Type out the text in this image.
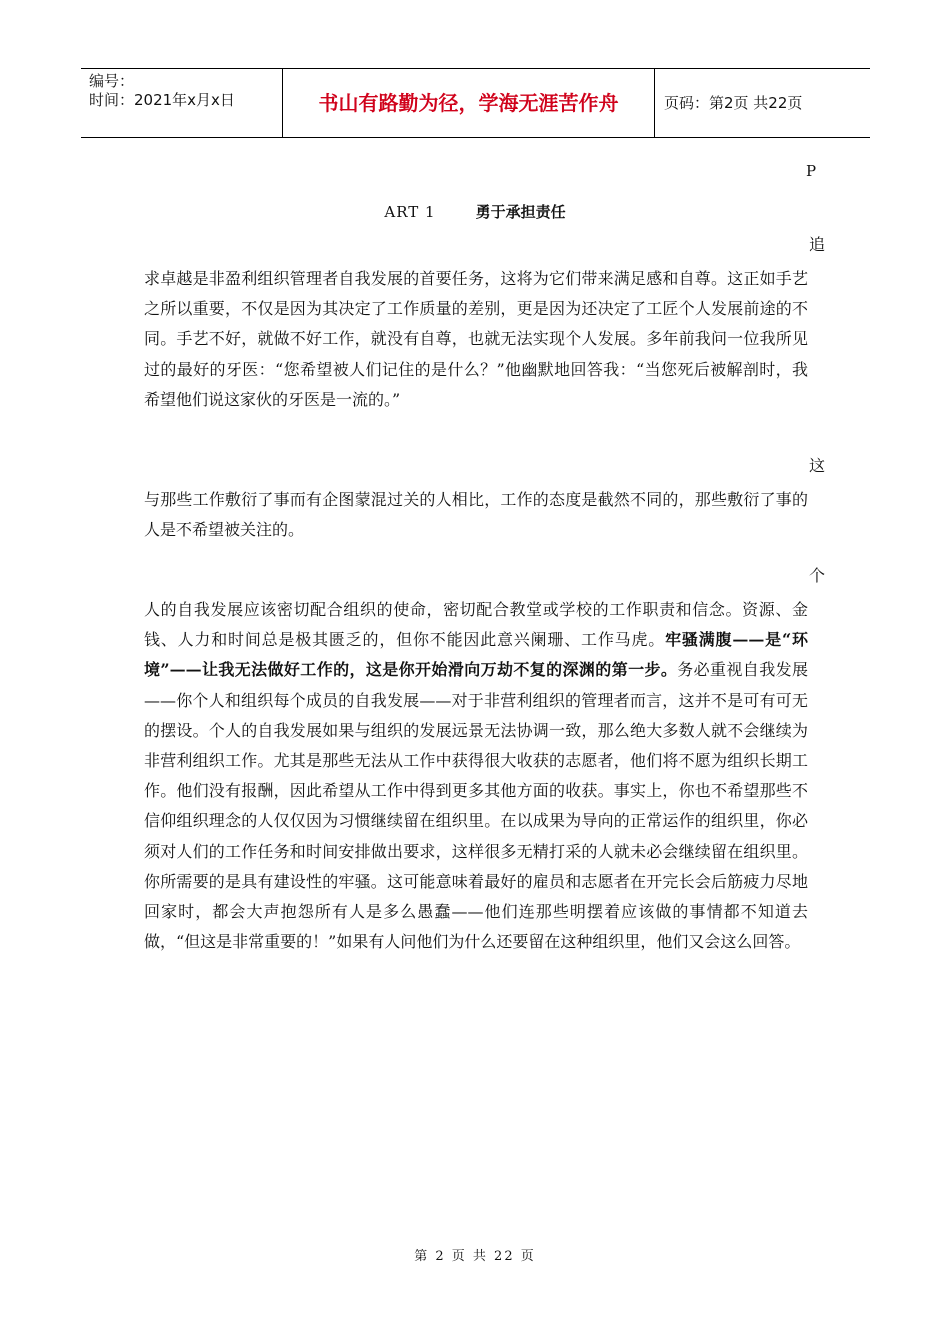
编号：
时间：2021年x月x日	书山有路勤为径，学海无涯苦作舟	页码：第2页 共22页
P
ART 1	勇于承担责任
追
求卓越是非盈利组织管理者自我发展的首要任务，这将为它们带来满足感和自尊。这正如手艺之所以重要，不仅是因为其决定了工作质量的差别，更是因为还决定了工匠个人发展前途的不同。手艺不好，就做不好工作，就没有自尊，也就无法实现个人发展。多年前我问一位我所见过的最好的牙医：“您希望被人们记住的是什么？”他幽默地回答我：“当您死后被解剖时，我希望他们说这家伙的牙医是一流的。”
这
与那些工作敷衍了事而有企图蒙混过关的人相比，工作的态度是截然不同的，那些敷衍了事的人是不希望被关注的。
个
人的自我发展应该密切配合组织的使命，密切配合教堂或学校的工作职责和信念。资源、金钱、人力和时间总是极其匮乏的，但你不能因此意兴阑珊、工作马虎。牢骚满腹——是“环境”——让我无法做好工作的，这是你开始滑向万劫不复的深渊的第一步。务必重视自我发展——你个人和组织每个成员的自我发展——对于非营利组织的管理者而言，这并不是可有可无的摆设。个人的自我发展如果与组织的发展远景无法协调一致，那么绝大多数人就不会继续为非营利组织工作。尤其是那些无法从工作中获得很大收获的志愿者，他们将不愿为组织长期工作。他们没有报酬，因此希望从工作中得到更多其他方面的收获。事实上，你也不希望那些不信仰组织理念的人仅仅因为习惯继续留在组织里。在以成果为导向的正常运作的组织里，你必须对人们的工作任务和时间安排做出要求，这样很多无精打采的人就未必会继续留在组织里。你所需要的是具有建设性的牢骚。这可能意味着最好的雇员和志愿者在开完长会后筋疲力尽地回家时，都会大声抱怨所有人是多么愚蠢——他们连那些明摆着应该做的事情都不知道去做，“但这是非常重要的！”如果有人问他们为什么还要留在这种组织里，他们又会这么回答。
第 2 页 共 22 页
